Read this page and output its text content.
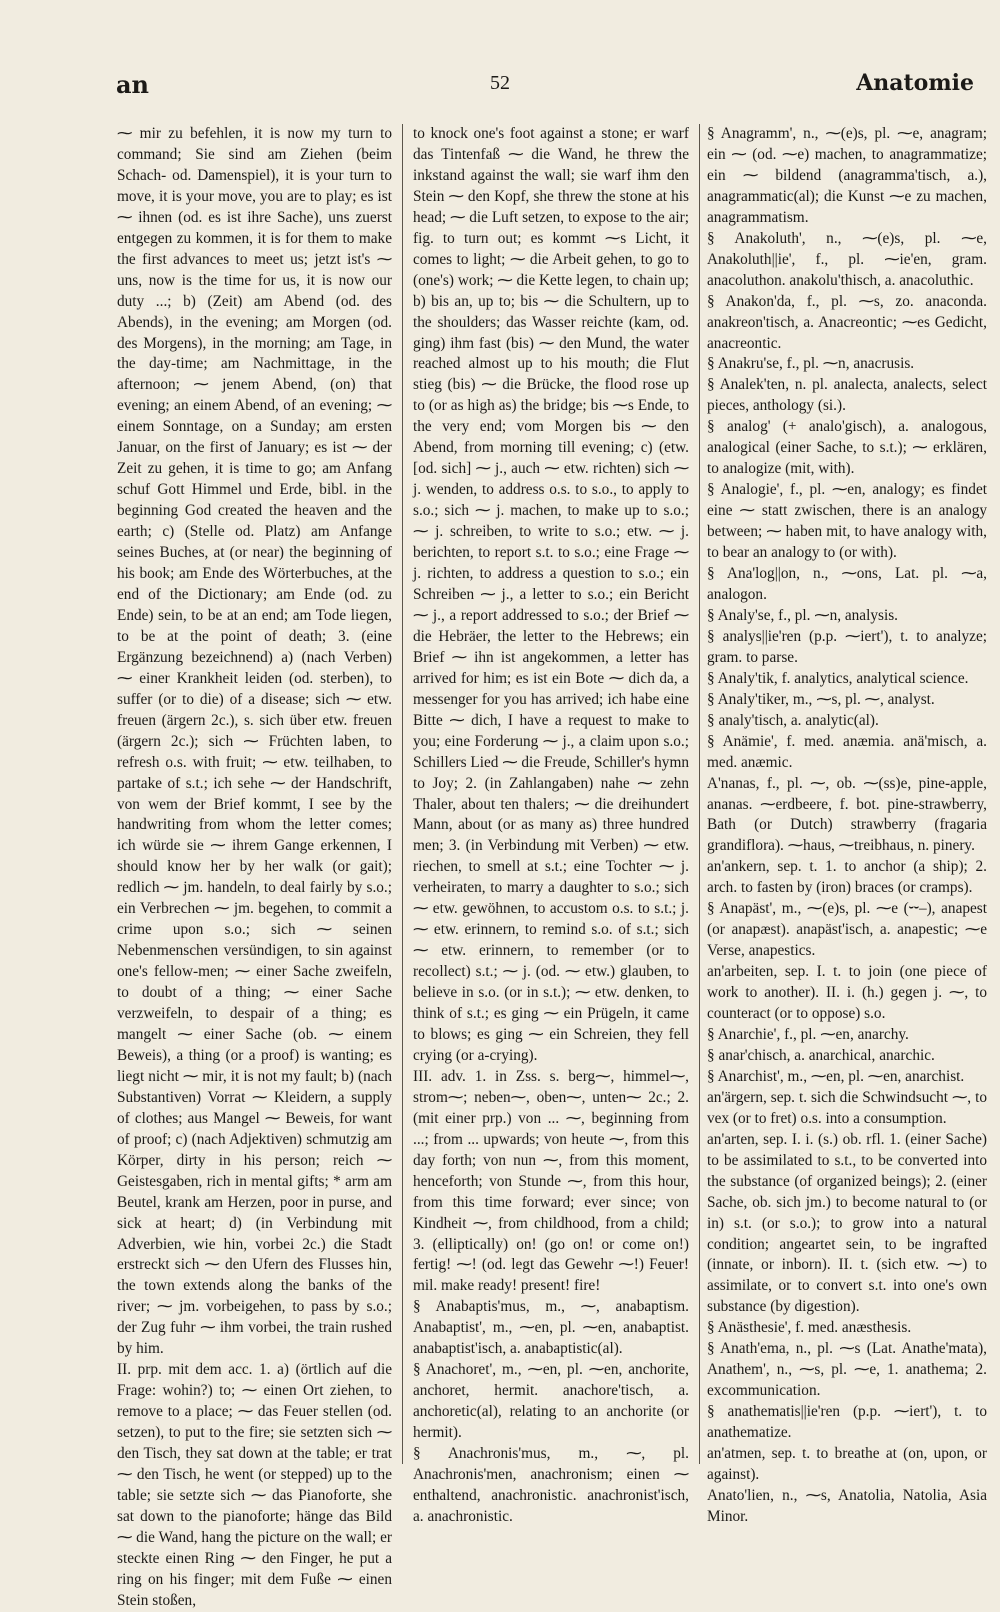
an	52	Anatomie

⁓ mir zu befehlen, it is now my turn to command; Sie sind am Ziehen (beim Schach- od. Damenspiel), it is your turn to move, it is your move, you are to play; es ist ⁓ ihnen (od. es ist ihre Sache), uns zuerst entgegen zu kommen, it is for them to make the first advances to meet us; jetzt ist's ⁓ uns, now is the time for us, it is now our duty ...; b) (Zeit) am Abend (od. des Abends), in the evening; am Morgen (od. des Morgens), in the morning; am Tage, in the day-time; am Nachmittage, in the afternoon; ⁓ jenem Abend, (on) that evening; an einem Abend, of an evening; ⁓ einem Sonntage, on a Sunday; am ersten Januar, on the first of January; es ist ⁓ der Zeit zu gehen, it is time to go; am Anfang schuf Gott Himmel und Erde, bibl. in the beginning God created the heaven and the earth; c) (Stelle od. Platz) am Anfange seines Buches, at (or near) the beginning of his book; am Ende des Wörterbuches, at the end of the Dictionary; am Ende (od. zu Ende) sein, to be at an end; am Tode liegen, to be at the point of death; 3. (eine Ergänzung bezeichnend) a) (nach Verben) ⁓ einer Krankheit leiden (od. sterben), to suffer (or to die) of a disease; sich ⁓ etw. freuen (ärgern 2c.), s. sich über etw. freuen (ärgern 2c.); sich ⁓ Früchten laben, to refresh o.s. with fruit; ⁓ etw. teilhaben, to partake of s.t.; ich sehe ⁓ der Handschrift, von wem der Brief kommt, I see by the handwriting from whom the letter comes; ich würde sie ⁓ ihrem Gange erkennen, I should know her by her walk (or gait); redlich ⁓ jm. handeln, to deal fairly by s.o.; ein Verbrechen ⁓ jm. begehen, to commit a crime upon s.o.; sich ⁓ seinen Nebenmenschen versündigen, to sin against one's fellow-men; ⁓ einer Sache zweifeln, to doubt of a thing; ⁓ einer Sache verzweifeln, to despair of a thing; es mangelt ⁓ einer Sache (ob. ⁓ einem Beweis), a thing (or a proof) is wanting; es liegt nicht ⁓ mir, it is not my fault; b) (nach Substantiven) Vorrat ⁓ Kleidern, a supply of clothes; aus Mangel ⁓ Beweis, for want of proof; c) (nach Adjektiven) schmutzig am Körper, dirty in his person; reich ⁓ Geistesgaben, rich in mental gifts; * arm am Beutel, krank am Herzen, poor in purse, and sick at heart; d) (in Verbindung mit Adverbien, wie hin, vorbei 2c.) die Stadt erstreckt sich ⁓ den Ufern des Flusses hin, the town extends along the banks of the river; ⁓ jm. vorbeigehen, to pass by s.o.; der Zug fuhr ⁓ ihm vorbei, the train rushed by him.

II. prp. mit dem acc. 1. a) (örtlich auf die Frage: wohin?) to; ⁓ einen Ort ziehen, to remove to a place; ⁓ das Feuer stellen (od. setzen), to put to the fire; sie setzten sich ⁓ den Tisch, they sat down at the table; er trat ⁓ den Tisch, he went (or stepped) up to the table; sie setzte sich ⁓ das Pianoforte, she sat down to the pianoforte; hänge das Bild ⁓ die Wand, hang the picture on the wall; er steckte einen Ring ⁓ den Finger, he put a ring on his finger; mit dem Fuße ⁓ einen Stein stoßen,

to knock one's foot against a stone; er warf das Tintenfaß ⁓ die Wand, he threw the inkstand against the wall; sie warf ihm den Stein ⁓ den Kopf, she threw the stone at his head; ⁓ die Luft setzen, to expose to the air; fig. to turn out; es kommt ⁓s Licht, it comes to light; ⁓ die Arbeit gehen, to go to (one's) work; ⁓ die Kette legen, to chain up; b) bis an, up to; bis ⁓ die Schultern, up to the shoulders; das Wasser reichte (kam, od. ging) ihm fast (bis) ⁓ den Mund, the water reached almost up to his mouth; die Flut stieg (bis) ⁓ die Brücke, the flood rose up to (or as high as) the bridge; bis ⁓s Ende, to the very end; vom Morgen bis ⁓ den Abend, from morning till evening; c) (etw. [od. sich] ⁓ j., auch ⁓ etw. richten) sich ⁓ j. wenden, to address o.s. to s.o., to apply to s.o.; sich ⁓ j. machen, to make up to s.o.; ⁓ j. schreiben, to write to s.o.; etw. ⁓ j. berichten, to report s.t. to s.o.; eine Frage ⁓ j. richten, to address a question to s.o.; ein Schreiben ⁓ j., a letter to s.o.; ein Bericht ⁓ j., a report addressed to s.o.; der Brief ⁓ die Hebräer, the letter to the Hebrews; ein Brief ⁓ ihn ist angekommen, a letter has arrived for him; es ist ein Bote ⁓ dich da, a messenger for you has arrived; ich habe eine Bitte ⁓ dich, I have a request to make to you; eine Forderung ⁓ j., a claim upon s.o.; Schillers Lied ⁓ die Freude, Schiller's hymn to Joy; 2. (in Zahlangaben) nahe ⁓ zehn Thaler, about ten thalers; ⁓ die dreihundert Mann, about (or as many as) three hundred men; 3. (in Verbindung mit Verben) ⁓ etw. riechen, to smell at s.t.; eine Tochter ⁓ j. verheiraten, to marry a daughter to s.o.; sich ⁓ etw. gewöhnen, to accustom o.s. to s.t.; j. ⁓ etw. erinnern, to remind s.o. of s.t.; sich ⁓ etw. erinnern, to remember (or to recollect) s.t.; ⁓ j. (od. ⁓ etw.) glauben, to believe in s.o. (or in s.t.); ⁓ etw. denken, to think of s.t.; es ging ⁓ ein Prügeln, it came to blows; es ging ⁓ ein Schreien, they fell crying (or a-crying).

III. adv. 1. in Zss. s. berg⁓, himmel⁓, strom⁓; neben⁓, oben⁓, unten⁓ 2c.; 2. (mit einer prp.) von ... ⁓, beginning from ...; from ... upwards; von heute ⁓, from this day forth; von nun ⁓, from this moment, henceforth; von Stunde ⁓, from this hour, from this time forward; ever since; von Kindheit ⁓, from childhood, from a child; 3. (elliptically) on! (go on! or come on!) fertig! ⁓! (od. legt das Gewehr ⁓!) Feuer! mil. make ready! present! fire!

§ Anabaptis'mus, m., ⁓, anabaptism. Anabaptist', m., ⁓en, pl. ⁓en, anabaptist. anabaptist'isch, a. anabaptistic(al).

§ Anachoret', m., ⁓en, pl. ⁓en, anchorite, anchoret, hermit. anachore'tisch, a. anchoretic(al), relating to an anchorite (or hermit).

§ Anachronis'mus, m., ⁓, pl. Anachronis'men, anachronism; einen ⁓ enthaltend, anachronistic. anachronist'isch, a. anachronistic.

§ Anagramm', n., ⁓(e)s, pl. ⁓e, anagram; ein ⁓ (od. ⁓e) machen, to anagrammatize; ein ⁓ bildend (anagramma'tisch, a.), anagrammatic(al); die Kunst ⁓e zu machen, anagrammatism.

§ Anakoluth', n., ⁓(e)s, pl. ⁓e, Anakoluth||ie', f., pl. ⁓ie'en, gram. anacoluthon. anakolu'thisch, a. anacoluthic.

§ Anakon'da, f., pl. ⁓s, zo. anaconda. anakreon'tisch, a. Anacreontic; ⁓es Gedicht, anacreontic.

§ Anakru'se, f., pl. ⁓n, anacrusis.

§ Analek'ten, n. pl. analecta, analects, select pieces, anthology (si.).

§ analog' (+ analo'gisch), a. analogous, analogical (einer Sache, to s.t.); ⁓ erklären, to analogize (mit, with).

§ Analogie', f., pl. ⁓en, analogy; es findet eine ⁓ statt zwischen, there is an analogy between; ⁓ haben mit, to have analogy with, to bear an analogy to (or with).

§ Ana'log||on, n., ⁓ons, Lat. pl. ⁓a, analogon.

§ Analy'se, f., pl. ⁓n, analysis.

§ analys||ie'ren (p.p. ⁓iert'), t. to analyze; gram. to parse.

§ Analy'tik, f. analytics, analytical science.

§ Analy'tiker, m., ⁓s, pl. ⁓, analyst.

§ analy'tisch, a. analytic(al).

§ Anämie', f. med. anæmia. anä'misch, a. med. anæmic.

A'nanas, f., pl. ⁓, ob. ⁓(ss)e, pine-apple, ananas. ⁓erdbeere, f. bot. pine-strawberry, Bath (or Dutch) strawberry (fragaria grandiflora). ⁓haus, ⁓treibhaus, n. pinery.

an'ankern, sep. t. 1. to anchor (a ship); 2. arch. to fasten by (iron) braces (or cramps).

§ Anapäst', m., ⁓(e)s, pl. ⁓e (⏑⏑–), anapest (or anapæst). anapäst'isch, a. anapestic; ⁓e Verse, anapestics.

an'arbeiten, sep. I. t. to join (one piece of work to another). II. i. (h.) gegen j. ⁓, to counteract (or to oppose) s.o.

§ Anarchie', f., pl. ⁓en, anarchy.

§ anar'chisch, a. anarchical, anarchic.

§ Anarchist', m., ⁓en, pl. ⁓en, anarchist.

an'ärgern, sep. t. sich die Schwindsucht ⁓, to vex (or to fret) o.s. into a consumption.

an'arten, sep. I. i. (s.) ob. rfl. 1. (einer Sache) to be assimilated to s.t., to be converted into the substance (of organized beings); 2. (einer Sache, ob. sich jm.) to become natural to (or in) s.t. (or s.o.); to grow into a natural condition; angeartet sein, to be ingrafted (innate, or inborn). II. t. (sich etw. ⁓) to assimilate, or to convert s.t. into one's own substance (by digestion).

§ Anästhesie', f. med. anæsthesis.

§ Anath'ema, n., pl. ⁓s (Lat. Anathe'mata), Anathem', n., ⁓s, pl. ⁓e, 1. anathema; 2. excommunication.

§ anathematis||ie'ren (p.p. ⁓iert'), t. to anathematize.

an'atmen, sep. t. to breathe at (on, upon, or against).

Anato'lien, n., ⁓s, Anatolia, Natolia, Asia Minor.
